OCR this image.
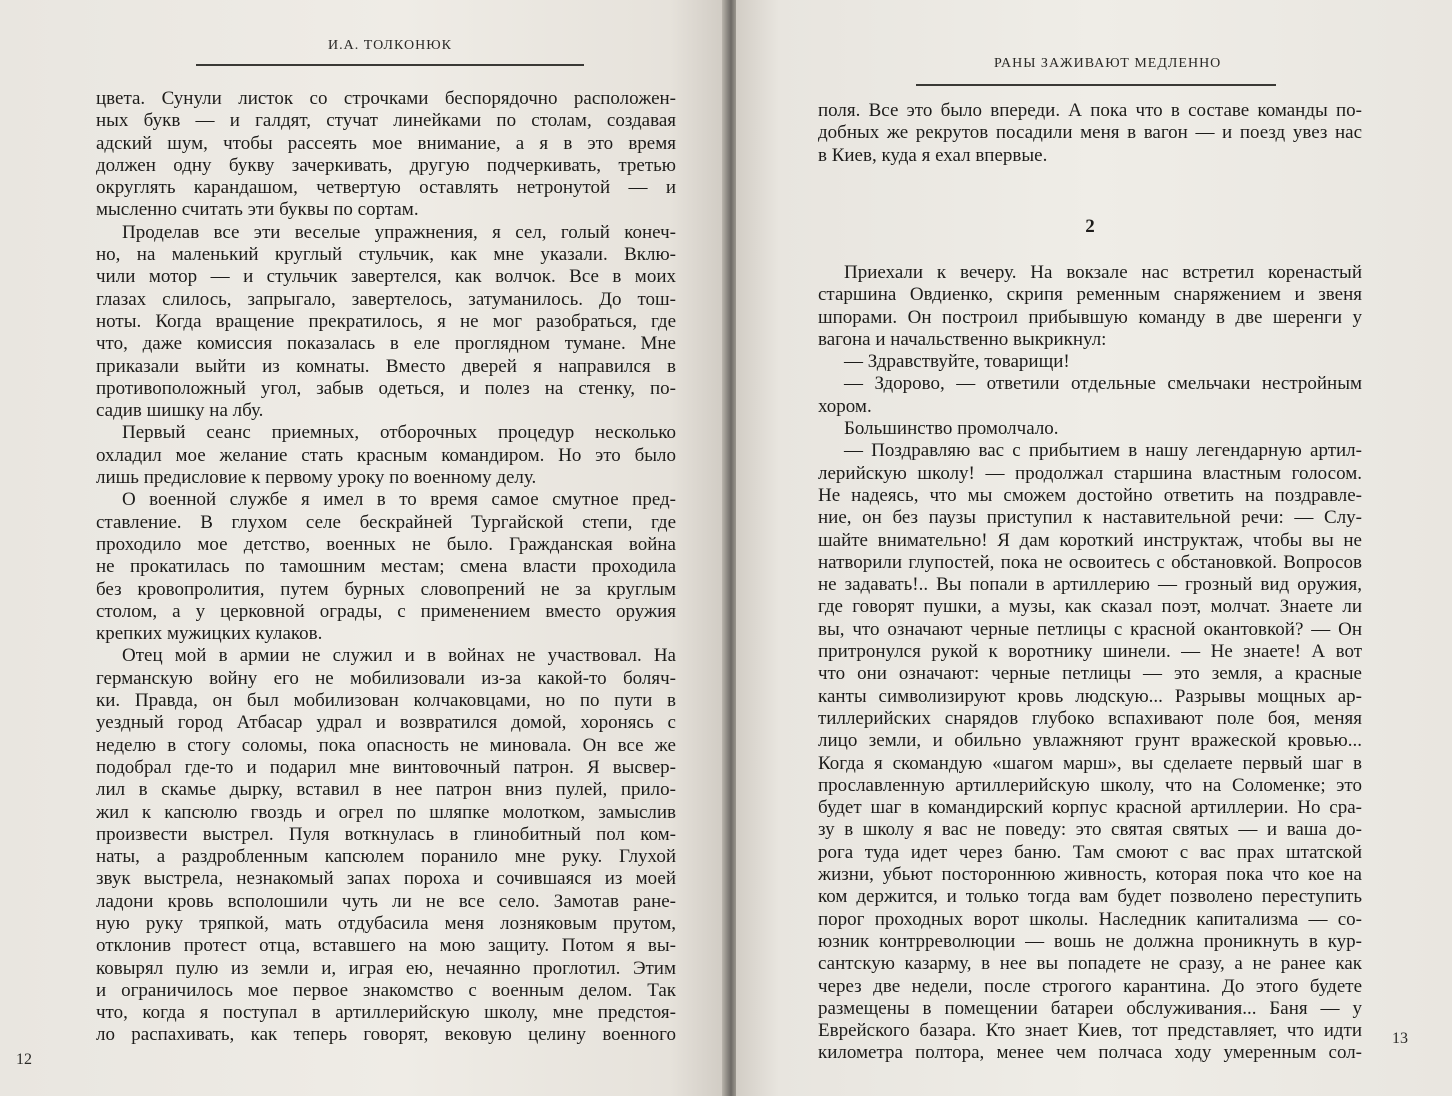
И.А. ТОЛКОНЮК
цвета. Сунули листок со строчками беспорядочно расположен-
ных букв — и галдят, стучат линейками по столам, создавая
адский шум, чтобы рассеять мое внимание, а я в это время
должен одну букву зачеркивать, другую подчеркивать, третью
округлять карандашом, четвертую оставлять нетронутой — и
мысленно считать эти буквы по сортам.
Проделав все эти веселые упражнения, я сел, голый конеч-
но, на маленький круглый стульчик, как мне указали. Вклю-
чили мотор — и стульчик завертелся, как волчок. Все в моих
глазах слилось, запрыгало, завертелось, затуманилось. До тош-
ноты. Когда вращение прекратилось, я не мог разобраться, где
что, даже комиссия показалась в еле проглядном тумане. Мне
приказали выйти из комнаты. Вместо дверей я направился в
противоположный угол, забыв одеться, и полез на стенку, по-
садив шишку на лбу.
Первый сеанс приемных, отборочных процедур несколько
охладил мое желание стать красным командиром. Но это было
лишь предисловие к первому уроку по военному делу.
О военной службе я имел в то время самое смутное пред-
ставление. В глухом селе бескрайней Тургайской степи, где
проходило мое детство, военных не было. Гражданская война
не прокатилась по тамошним местам; смена власти проходила
без кровопролития, путем бурных словопрений не за круглым
столом, а у церковной ограды, с применением вместо оружия
крепких мужицких кулаков.
Отец мой в армии не служил и в войнах не участвовал. На
германскую войну его не мобилизовали из-за какой-то боляч-
ки. Правда, он был мобилизован колчаковцами, но по пути в
уездный город Атбасар удрал и возвратился домой, хоронясь с
неделю в стогу соломы, пока опасность не миновала. Он все же
подобрал где-то и подарил мне винтовочный патрон. Я высвер-
лил в скамье дырку, вставил в нее патрон вниз пулей, прило-
жил к капсюлю гвоздь и огрел по шляпке молотком, замыслив
произвести выстрел. Пуля воткнулась в глинобитный пол ком-
наты, а раздробленным капсюлем поранило мне руку. Глухой
звук выстрела, незнакомый запах пороха и сочившаяся из моей
ладони кровь всполошили чуть ли не все село. Замотав ране-
ную руку тряпкой, мать отдубасила меня лозняковым прутом,
отклонив протест отца, вставшего на мою защиту. Потом я вы-
ковырял пулю из земли и, играя ею, нечаянно проглотил. Этим
и ограничилось мое первое знакомство с военным делом. Так
что, когда я поступал в артиллерийскую школу, мне предстоя-
ло распахивать, как теперь говорят, вековую целину военного
12
РАНЫ ЗАЖИВАЮТ МЕДЛЕННО
поля. Все это было впереди. А пока что в составе команды по-
добных же рекрутов посадили меня в вагон — и поезд увез нас
в Киев, куда я ехал впервые.
2
Приехали к вечеру. На вокзале нас встретил коренастый
старшина Овдиенко, скрипя ременным снаряжением и звеня
шпорами. Он построил прибывшую команду в две шеренги у
вагона и начальственно выкрикнул:
— Здравствуйте, товарищи!
— Здорово, — ответили отдельные смельчаки нестройным
хором.
Большинство промолчало.
— Поздравляю вас с прибытием в нашу легендарную артил-
лерийскую школу! — продолжал старшина властным голосом.
Не надеясь, что мы сможем достойно ответить на поздравле-
ние, он без паузы приступил к наставительной речи: — Слу-
шайте внимательно! Я дам короткий инструктаж, чтобы вы не
натворили глупостей, пока не освоитесь с обстановкой. Вопросов
не задавать!.. Вы попали в артиллерию — грозный вид оружия,
где говорят пушки, а музы, как сказал поэт, молчат. Знаете ли
вы, что означают черные петлицы с красной окантовкой? — Он
притронулся рукой к воротнику шинели. — Не знаете! А вот
что они означают: черные петлицы — это земля, а красные
канты символизируют кровь людскую... Разрывы мощных ар-
тиллерийских снарядов глубоко вспахивают поле боя, меняя
лицо земли, и обильно увлажняют грунт вражеской кровью...
Когда я скомандую «шагом марш», вы сделаете первый шаг в
прославленную артиллерийскую школу, что на Соломенке; это
будет шаг в командирский корпус красной артиллерии. Но сра-
зу в школу я вас не поведу: это святая святых — и ваша до-
рога туда идет через баню. Там смоют с вас прах штатской
жизни, убьют постороннюю живность, которая пока что кое на
ком держится, и только тогда вам будет позволено переступить
порог проходных ворот школы. Наследник капитализма — со-
юзник контрреволюции — вошь не должна проникнуть в кур-
сантскую казарму, в нее вы попадете не сразу, а не ранее как
через две недели, после строгого карантина. До этого будете
размещены в помещении батареи обслуживания... Баня — у
Еврейского базара. Кто знает Киев, тот представляет, что идти
километра полтора, менее чем полчаса ходу умеренным сол-
13
